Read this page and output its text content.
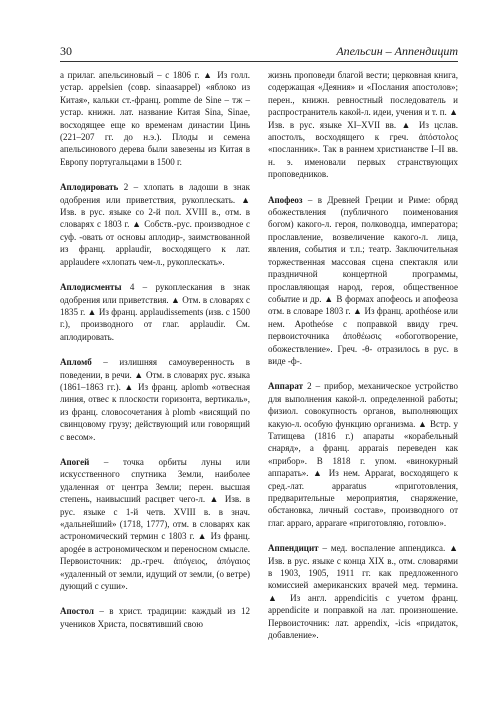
30	Апельсин – Аппендицит

а прилаг. апельсиновый – с 1806 г. ▲ Из голл. устар. appelsien (совр. sinaasappel) «яблоко из Китая», кальки ст.-франц. pomme de Sine – тж – устар. книжн. лат. название Китая Sina, Sinae, восходящее еще ко временам династии Цинь (221–207 гг. до н.э.). Плоды и семена апельсинового дерева были завезены из Китая в Европу португальцами в 1500 г.

Аплодировать 2 – хлопать в ладоши в знак одобрения или приветствия, рукоплескать. ▲ Изв. в рус. языке со 2-й пол. XVIII в., отм. в словарях с 1803 г. ▲ Собств.-рус. производное с суф. -овать от основы аплодир-, заимствованной из франц. applaudir, восходящего к лат. applaudere «хлопать чем-л., рукоплескать».

Аплодисменты 4 – рукоплескания в знак одобрения или приветствия. ▲ Отм. в словарях с 1835 г. ▲ Из франц. applaudissements (изв. с 1500 г.), производного от глаг. applaudir. См. аплодировать.

Апломб – излишняя самоуверенность в поведении, в речи. ▲ Отм. в словарях рус. языка (1861–1863 гг.). ▲ Из франц. aplomb «отвесная линия, отвес к плоскости горизонта, вертикаль», из франц. словосочетания à plomb «висящий по свинцовому грузу; действующий или говорящий с весом».

Апогей – точка орбиты луны или искусственного спутника Земли, наиболее удаленная от центра Земли; перен. высшая степень, наивысший расцвет чего-л. ▲ Изв. в рус. языке с 1-й четв. XVIII в. в знач. «дальнейший» (1718, 1777), отм. в словарях как астрономический термин с 1803 г. ▲ Из франц. apogée в астрономическом и переносном смысле. Первоисточник: др.-греч. ἀπόγειος, ἀπόγαιος «удаленный от земли, идущий от земли, (о ветре) дующий с суши».

Апостол – в христ. традиции: каждый из 12 учеников Христа, посвятивший свою

жизнь проповеди благой вести; церковная книга, содержащая «Деяния» и «Послания апостолов»; перен., книжн. ревностный последователь и распространитель какой-л. идеи, учения и т. п. ▲ Изв. в рус. языке XI–XVII вв. ▲ Из цслав. апостолъ, восходящего к греч. ἀπόστολος «посланник». Так в раннем христианстве I–II вв. н. э. именовали первых странствующих проповедников.

Апофеоз – в Древней Греции и Риме: обряд обожествления (публичного поименования богом) какого-л. героя, полководца, императора; прославление, возвеличение какого-л. лица, явления, события и т.п.; театр. Заключительная торжественная массовая сцена спектакля или праздничной концертной программы, прославляющая народ, героя, общественное событие и др. ▲ В формах апофеось и апофеоза отм. в словаре 1803 г. ▲ Из франц. apothéose или нем. Apotheóse с поправкой ввиду греч. первоисточника ἀποθέωσις «обоготворение, обожествление». Греч. -θ- отразилось в рус. в виде -ф-.

Аппарат 2 – прибор, механическое устройство для выполнения какой-л. определенной работы; физиол. совокупность органов, выполняющих какую-л. особую функцию организма. ▲ Встр. у Татищева (1816 г.) апараты «корабельный снаряд», а франц. apparais переведен как «прибор». В 1818 г. упом. «винокурный аппарать». ▲ Из нем. Apparat, восходящего к сред.-лат. apparatus «приготовления, предварительные мероприятия, снаряжение, обстановка, личный состав», производного от глаг. apparo, apparare «приготовляю, готовлю».

Аппендицит – мед. воспаление аппендикса. ▲ Изв. в рус. языке с конца XIX в., отм. словарями в 1903, 1905, 1911 гг. как предложенного комиссией американских врачей мед. термина. ▲ Из англ. appendicitis с учетом франц. appendicite и поправкой на лат. произношение. Первоисточник: лат. appendix, -icis «придаток, добавление».
